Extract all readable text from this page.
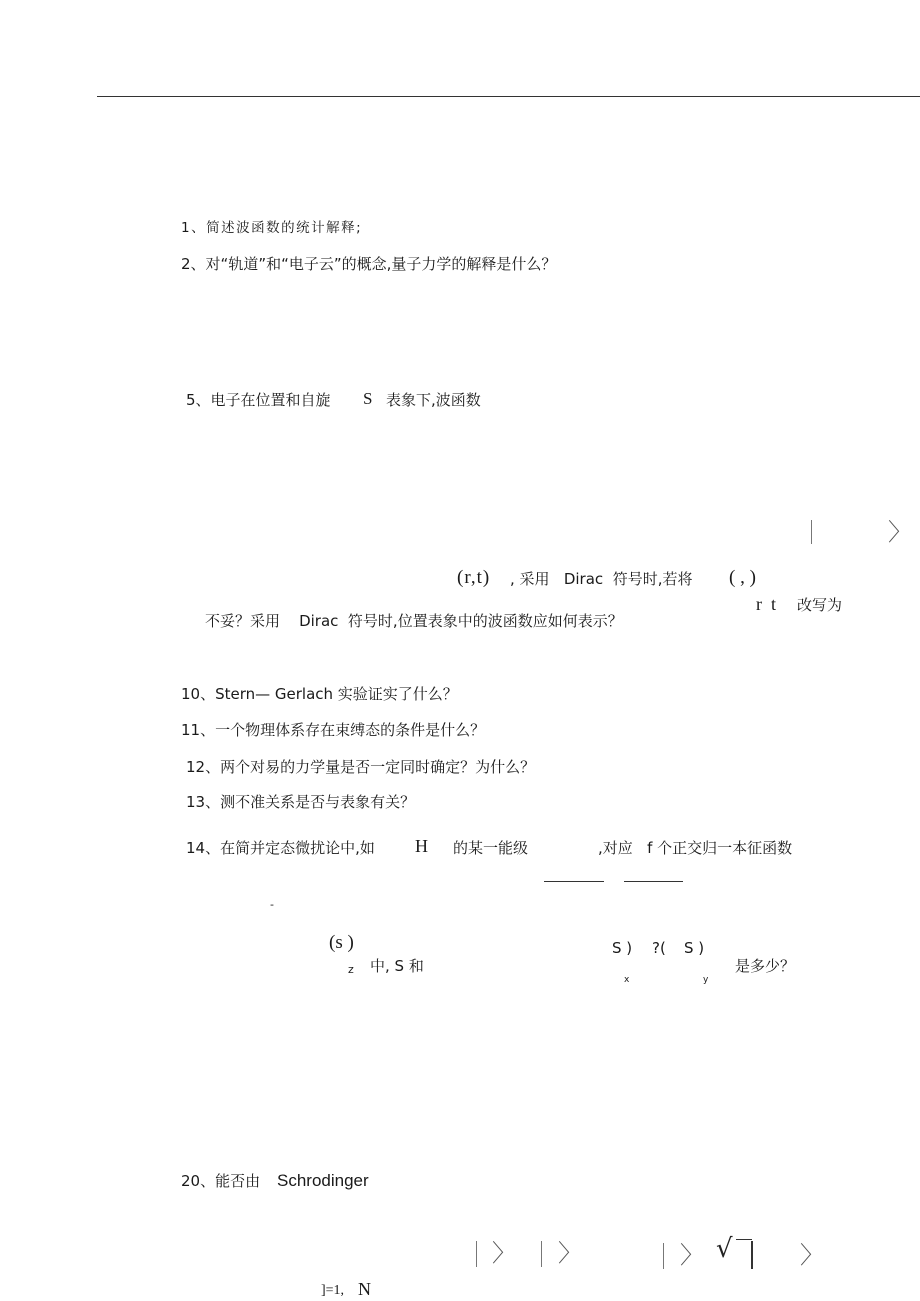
1、简述波函数的统计解释;
2、对“轨道”和“电子云”的概念,量子力学的解释是什么？
5、电子在位置和自旋 S 表象下,波函数
〉
(r,t) , 采用   Dirac  符号时,若将 ( , )
r  t 改写为
不妥？采用    Dirac  符号时,位置表象中的波函数应如何表示？
10、Stern— Gerlach 实验证实了什么？
11、一个物理体系存在束缚态的条件是什么？
12、两个对易的力学量是否一定同时确定？为什么？
13、测不准关系是否与表象有关？
14、在简并定态微扰论中,如 H 的某一能级	,对应   f 个正交归一本征函数
-
(s )
z 中, S 和
S ) ?( S )
x	y
是多少？
20、能否由 Schrodinger
〉 〉	〉 √	〉
]=1, N
